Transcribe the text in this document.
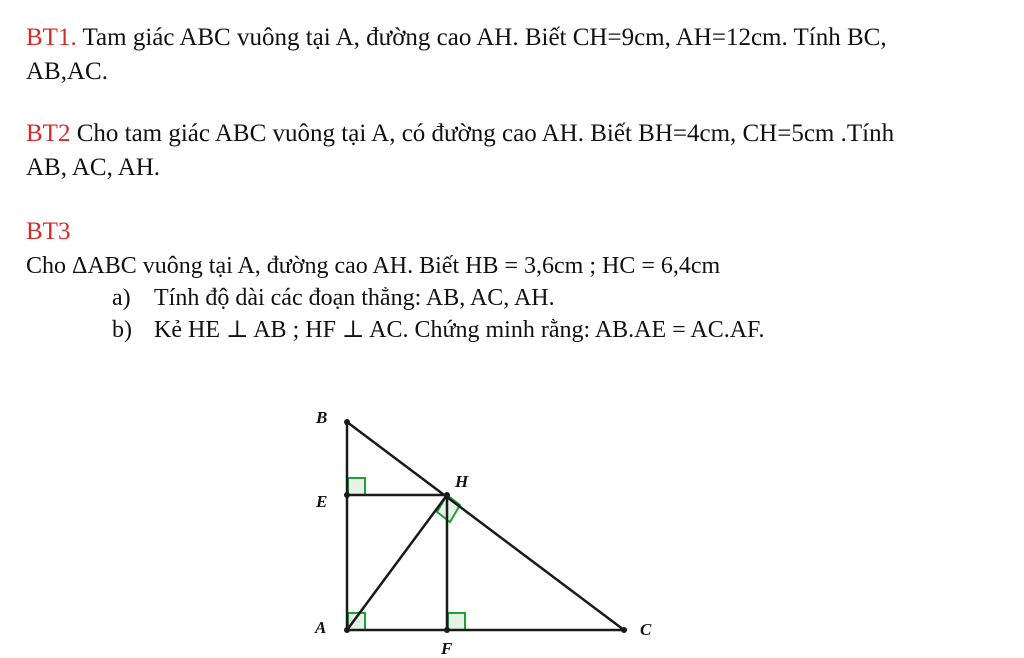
BT1. Tam giác ABC vuông tại A, đường cao AH. Biết CH=9cm, AH=12cm. Tính BC,
AB,AC.
BT2 Cho tam giác ABC vuông tại A, có đường cao AH. Biết BH=4cm, CH=5cm .Tính
AB, AC, AH.
BT3
Cho ΔABC vuông tại A, đường cao AH. Biết HB = 3,6cm ; HC = 6,4cm
a) Tính độ dài các đoạn thẳng: AB, AC, AH.
b) Kẻ HE ⊥ AB ; HF ⊥ AC. Chứng minh rằng: AB.AE = AC.AF.
B
E
H
A
F
C
